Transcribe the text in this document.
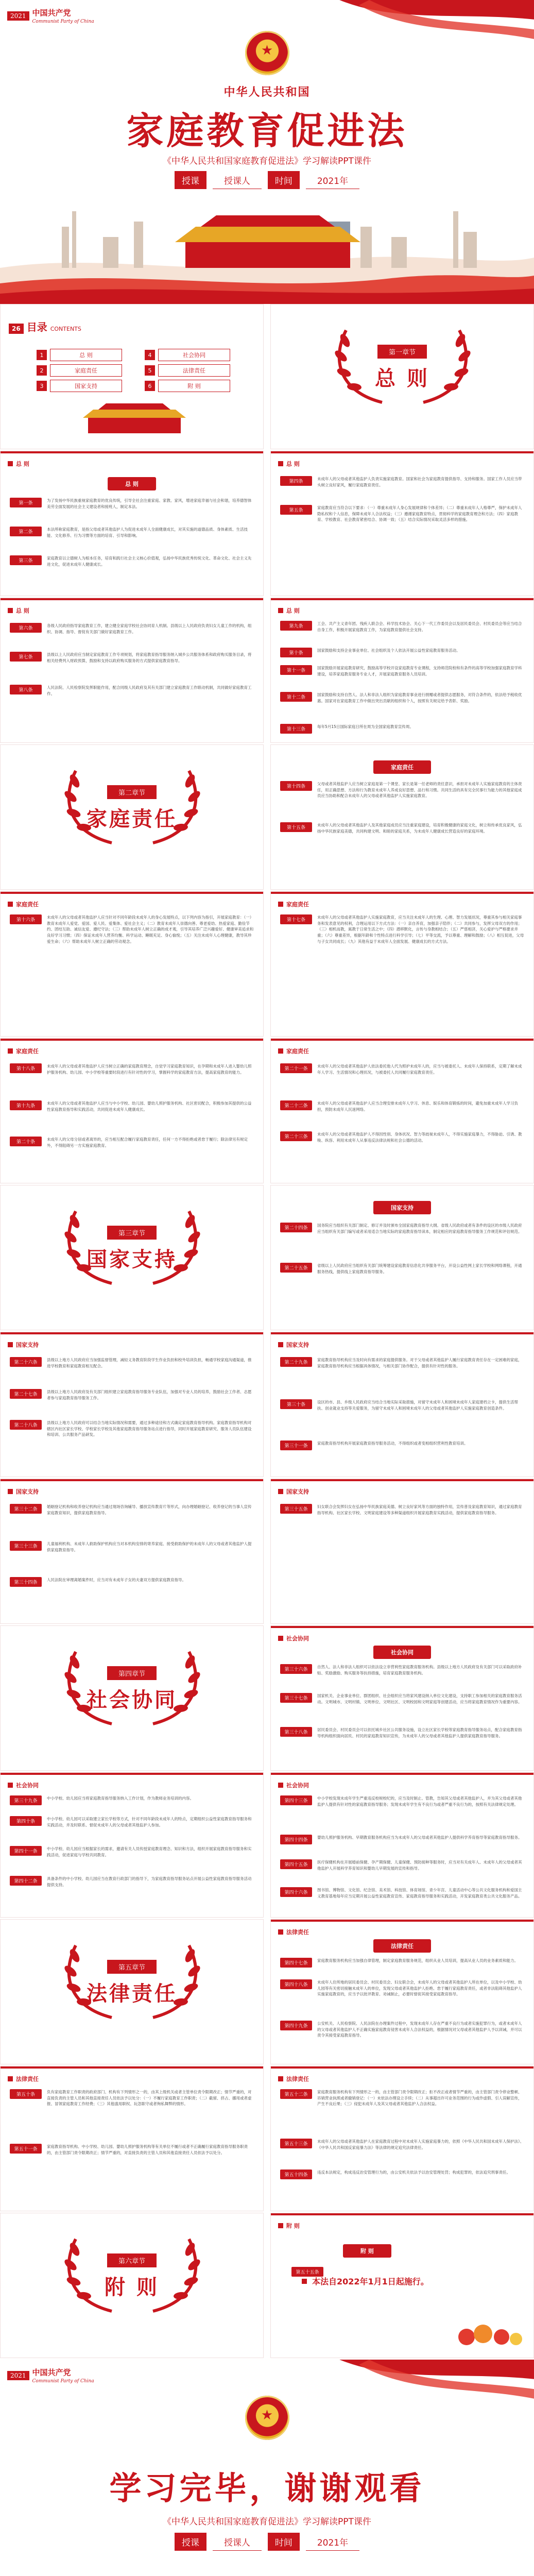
2021 中国共产党
Communist Party of China
★
中华人民共和国
家庭教育促进法
《中华人民共和国家庭教育促进法》学习解读PPT课件
授课	授课人	时间	2021年
26 目录 CONTENTS
1	总 则
2	家庭责任
3	国家支持
4	社会协同
5	法律责任
6	附 则
第一章节
总 则
总 则
总 则
第一条
为了发扬中华民族重视家庭教育的优良传统，引导全社会注重家庭、家教、家风，增进家庭幸福与社会和谐，培养德智体美劳全面发展的社会主义建设者和接班人，制定本法。
第二条
本法所称家庭教育，是指父母或者其他监护人为促进未成年人全面健康成长，对其实施的道德品质、身体素质、生活技能、文化修养、行为习惯等方面的培育、引导和影响。
第三条
家庭教育以立德树人为根本任务，培育和践行社会主义核心价值观，弘扬中华民族优秀传统文化、革命文化、社会主义先进文化，促进未成年人健康成长。
总 则
第四条
未成年人的父母或者其他监护人负责实施家庭教育。国家和社会为家庭教育提供指导、支持和服务。国家工作人员应当带头树立良好家风，履行家庭教育责任。
第五条
家庭教育应当符合以下要求：（一）尊重未成年人身心发展规律和个体差异；（二）尊重未成年人人格尊严，保护未成年人隐私权和个人信息，保障未成年人合法权益；（三）遵循家庭教育特点，贯彻科学的家庭教育理念和方法；（四）家庭教育、学校教育、社会教育紧密结合、协调一致；（五）结合实际情况采取灵活多样的措施。
总 则
第六条
各级人民政府指导家庭教育工作，建立健全家庭学校社会协同育人机制。县级以上人民政府负责妇女儿童工作的机构，组织、协调、指导、督促有关部门做好家庭教育工作。
第七条
县级以上人民政府应当制定家庭教育工作专项规划，将家庭教育指导服务纳入城乡公共服务体系和政府购买服务目录，将相关经费列入财政预算，鼓励和支持以政府购买服务的方式提供家庭教育指导。
第八条
人民法院、人民检察院发挥职能作用，配合同级人民政府及其有关部门建立家庭教育工作联动机制，共同做好家庭教育工作。
总 则
第九条
工会、共产主义青年团、残疾人联合会、科学技术协会、关心下一代工作委员会以及居民委员会、村民委员会等应当结合自身工作，积极开展家庭教育工作，为家庭教育提供社会支持。
第十条
国家鼓励和支持企业事业单位、社会组织及个人依法开展公益性家庭教育服务活动。
第十一条
国家鼓励开展家庭教育研究，鼓励高等学校开设家庭教育专业课程，支持师范院校和有条件的高等学校加强家庭教育学科建设，培养家庭教育服务专业人才，开展家庭教育服务人员培训。
第十二条
国家鼓励和支持自然人、法人和非法人组织为家庭教育事业进行捐赠或者提供志愿服务，对符合条件的，依法给予税收优惠。国家对在家庭教育工作中做出突出贡献的组织和个人，按照有关规定给予表彰、奖励。
第十三条
每年5月15日国际家庭日所在周为全国家庭教育宣传周。
第二章节
家庭责任
家庭责任
第十四条
父母或者其他监护人应当树立家庭是第一个课堂、家长是第一任老师的责任意识，承担对未成年人实施家庭教育的主体责任，用正确思想、方法和行为教育未成年人养成良好思想、品行和习惯。共同生活的具有完全民事行为能力的其他家庭成员应当协助和配合未成年人的父母或者其他监护人实施家庭教育。
第十五条
未成年人的父母或者其他监护人及其他家庭成员应当注重家庭建设，培育积极健康的家庭文化，树立和传承优良家风，弘扬中华民族家庭美德，共同构建文明、和睦的家庭关系，为未成年人健康成长营造良好的家庭环境。
家庭责任
第十六条
未成年人的父母或者其他监护人应当针对不同年龄段未成年人的身心发展特点，以下列内容为指引，开展家庭教育：（一）教育未成年人爱党、爱国、爱人民、爱集体、爱社会主义；（二）教育未成年人崇德向善、尊老爱幼、热爱家庭、勤俭节约、团结互助、诚信友爱、遵纪守法；（三）帮助未成年人树立正确的成才观，引导其培养广泛兴趣爱好、健康审美追求和良好学习习惯；（四）保证未成年人营养均衡、科学运动、睡眠充足、身心愉悦；（五）关注未成年人心理健康，教导其珍爱生命；（六）帮助未成年人树立正确的劳动观念。
家庭责任
第十七条
未成年人的父母或者其他监护人实施家庭教育，应当关注未成年人的生理、心理、智力发展状况，尊重其参与相关家庭事务和发表意见的权利，合理运用以下方式方法：（一）亲自养育，加强亲子陪伴；（二）共同参与，发挥父母双方的作用；（三）相机而教，寓教于日常生活之中；（四）潜移默化，言传与身教相结合；（五）严慈相济，关心爱护与严格要求并重；（六）尊重差异，根据年龄和个性特点进行科学引导；（七）平等交流，予以尊重、理解和鼓励；（八）相互促进，父母与子女共同成长；（九）其他有益于未成年人全面发展、健康成长的方式方法。
家庭责任
第十八条
未成年人的父母或者其他监护人应当树立正确的家庭教育理念，自觉学习家庭教育知识，在孕期和未成年人进入婴幼儿照护服务机构、幼儿园、中小学校等重要时段进行有针对性的学习，掌握科学的家庭教育方法，提高家庭教育的能力。
第十九条
未成年人的父母或者其他监护人应当与中小学校、幼儿园、婴幼儿照护服务机构、社区密切配合，积极参加其提供的公益性家庭教育指导和实践活动，共同促进未成年人健康成长。
第二十条
未成年人的父母分居或者离异的，应当相互配合履行家庭教育责任，任何一方不得拒绝或者怠于履行；除法律另有规定外，不得阻碍另一方实施家庭教育。
家庭责任
第二十一条
未成年人的父母或者其他监护人依法委托他人代为照护未成年人的，应当与被委托人、未成年人保持联系，定期了解未成年人学习、生活情况和心理状况，与被委托人共同履行家庭教育责任。
第二十二条
未成年人的父母或者其他监护人应当合理安排未成年人学习、休息、娱乐和体育锻炼的时间，避免加重未成年人学习负担，预防未成年人沉迷网络。
第二十三条
未成年人的父母或者其他监护人不得因性别、身体状况、智力等歧视未成年人，不得实施家庭暴力，不得胁迫、引诱、教唆、纵容、利用未成年人从事违反法律法规和社会公德的活动。
第三章节
国家支持
国家支持
第二十四条
国务院应当组织有关部门制定、修订并及时颁布全国家庭教育指导大纲。省级人民政府或者有条件的设区的市级人民政府应当组织有关部门编写或者采用适合当地实际的家庭教育指导读本，制定相应的家庭教育指导服务工作规范和评估规范。
第二十五条
省级以上人民政府应当组织有关部门统筹建设家庭教育信息化共享服务平台，开设公益性网上家长学校和网络课程，开通服务热线，提供线上家庭教育指导服务。
国家支持
第二十六条
县级以上地方人民政府应当加强监督管理，减轻义务教育阶段学生作业负担和校外培训负担，畅通学校家庭沟通渠道，推进学校教育和家庭教育相互配合。
第二十七条
县级以上地方人民政府及有关部门组织建立家庭教育指导服务专业队伍，加强对专业人员的培养，鼓励社会工作者、志愿者参与家庭教育指导服务工作。
第二十八条
县级以上地方人民政府可以结合当地实际情况和需要，通过多种途径和方式确定家庭教育指导机构。家庭教育指导机构对辖区内社区家长学校、学校家长学校及其他家庭教育指导服务站点进行指导，同时开展家庭教育研究、服务人员队伍建设和培训、公共服务产品研发。
国家支持
第二十九条
家庭教育指导机构应当及时向有需求的家庭提供服务。对于父母或者其他监护人履行家庭教育责任存在一定困难的家庭，家庭教育指导机构应当根据具体情况，与相关部门协作配合，提供有针对性的服务。
第三十条
设区的市、县、乡级人民政府应当结合当地实际采取措施，对留守未成年人和困境未成年人家庭建档立卡，提供生活帮扶、创业就业支持等关爱服务，为留守未成年人和困境未成年人的父母或者其他监护人实施家庭教育创造条件。
第三十一条
家庭教育指导机构开展家庭教育指导服务活动，不得组织或者变相组织营利性教育培训。
国家支持
第三十二条
婚姻登记机构和收养登记机构应当通过现场咨询辅导、播放宣传教育片等形式，向办理婚姻登记、收养登记的当事人宣传家庭教育知识，提供家庭教育指导。
第三十三条
儿童福利机构、未成年人救助保护机构应当对本机构安排的寄养家庭、接受救助保护的未成年人的父母或者其他监护人提供家庭教育指导。
第三十四条
人民法院在审理离婚案件时，应当对有未成年子女的夫妻双方提供家庭教育指导。
国家支持
第三十五条
妇女联合会发挥妇女在弘扬中华民族家庭美德、树立良好家风等方面的独特作用，宣传普及家庭教育知识，通过家庭教育指导机构、社区家长学校、文明家庭建设等多种渠道组织开展家庭教育实践活动，提供家庭教育指导服务。
第四章节
社会协同
社会协同
社会协同
第三十六条
自然人、法人和非法人组织可以依法设立非营利性家庭教育服务机构。县级以上地方人民政府及有关部门可以采取政府补贴、奖励激励、购买服务等扶持措施，培育家庭教育服务机构。
第三十七条
国家机关、企业事业单位、群团组织、社会组织应当将家风建设纳入单位文化建设，支持职工参加相关的家庭教育服务活动。文明城市、文明村镇、文明单位、文明社区、文明校园和文明家庭等创建活动，应当将家庭教育情况作为重要内容。
第三十八条
居民委员会、村民委员会可以依托城乡社区公共服务设施，设立社区家长学校等家庭教育指导服务站点，配合家庭教育指导机构组织面向居民、村民的家庭教育知识宣传，为未成年人的父母或者其他监护人提供家庭教育指导服务。
社会协同
第三十九条
中小学校、幼儿园应当将家庭教育指导服务纳入工作计划，作为教师业务培训的内容。
第四十条
中小学校、幼儿园可以采取建立家长学校等方式，针对不同年龄段未成年人的特点，定期组织公益性家庭教育指导服务和实践活动，并及时联系、督促未成年人的父母或者其他监护人参加。
第四十一条
中小学校、幼儿园应当根据家长的需求，邀请有关人员传授家庭教育理念、知识和方法，组织开展家庭教育指导服务和实践活动，促进家庭与学校共同教育。
第四十二条
具备条件的中小学校、幼儿园应当在教育行政部门的指导下，为家庭教育指导服务站点开展公益性家庭教育指导服务活动提供支持。
社会协同
第四十三条
中小学校发现未成年学生严重违反校规校纪的，应当及时制止、管教，告知其父母或者其他监护人，并为其父母或者其他监护人提供有针对性的家庭教育指导服务；发现未成年学生有不良行为或者严重不良行为的，按照有关法律规定处理。
第四十四条
婴幼儿照护服务机构、早期教育服务机构应当为未成年人的父母或者其他监护人提供科学养育指导等家庭教育指导服务。
第四十五条
医疗保健机构在开展婚前保健、孕产期保健、儿童保健、预防接种等服务时，应当对有关成年人、未成年人的父母或者其他监护人开展科学养育知识和婴幼儿早期发展的宣传和指导。
第四十六条
图书馆、博物馆、文化馆、纪念馆、美术馆、科技馆、体育场馆、青少年宫、儿童活动中心等公共文化服务机构和爱国主义教育基地每年应当定期开展公益性家庭教育宣传、家庭教育指导服务和实践活动，开发家庭教育类公共文化服务产品。
第五章节
法律责任
法律责任
法律责任
第四十七条
家庭教育服务机构应当加强自律管理，制定家庭教育服务规范，组织从业人员培训，提高从业人员的业务素质和能力。
第四十八条
未成年人住所地的居民委员会、村民委员会、妇女联合会，未成年人的父母或者其他监护人所在单位，以及中小学校、幼儿园等有关密切接触未成年人的单位，发现父母或者其他监护人拒绝、怠于履行家庭教育责任，或者非法阻碍其他监护人实施家庭教育的，应当予以批评教育、劝诫制止，必要时督促其接受家庭教育指导。
第四十九条
公安机关、人民检察院、人民法院在办理案件过程中，发现未成年人存在严重不良行为或者实施犯罪行为，或者未成年人的父母或者其他监护人不正确实施家庭教育侵害未成年人合法权益的，根据情况对父母或者其他监护人予以训诫，并可以责令其接受家庭教育指导。
法律责任
第五十条
负有家庭教育工作职责的政府部门、机构有下列情形之一的，由其上级机关或者主管单位责令限期改正；情节严重的，对直接负责的主管人员和其他直接责任人员依法予以处分：（一）不履行家庭教育工作职责；（二）截留、挤占、挪用或者虚报、冒领家庭教育工作经费；（三）其他滥用职权、玩忽职守或者徇私舞弊的情形。
第五十一条
家庭教育指导机构、中小学校、幼儿园、婴幼儿照护服务机构等有关单位不履行或者不正确履行家庭教育指导服务职责的，由主管部门责令限期改正；情节严重的，对直接负责的主管人员和其他直接责任人员依法予以处分。
法律责任
第五十二条
家庭教育服务机构有下列情形之一的，由主管部门责令限期改正；拒不改正或者情节严重的，由主管部门责令停业整顿、吊销营业执照或者撤销登记：（一）未依法办理设立手续；（二）从事超出许可业务范围的行为或作虚假、引人误解宣传，产生不良后果；（三）侵犯未成年人及其父母或者其他监护人合法权益。
第五十三条
未成年人的父母或者其他监护人在家庭教育过程中对未成年人实施家庭暴力的，依照《中华人民共和国未成年人保护法》、《中华人民共和国反家庭暴力法》等法律的规定追究法律责任。
第五十四条
违反本法规定，构成违反治安管理行为的，由公安机关依法予以治安管理处罚；构成犯罪的，依法追究刑事责任。
第六章节
附 则
附 则
附 则
第五十五条
本法自2022年1月1日起施行。
2021 中国共产党
Communist Party of China
★
学习完毕，谢谢观看
《中华人民共和国家庭教育促进法》学习解读PPT课件
授课	授课人	时间	2021年
